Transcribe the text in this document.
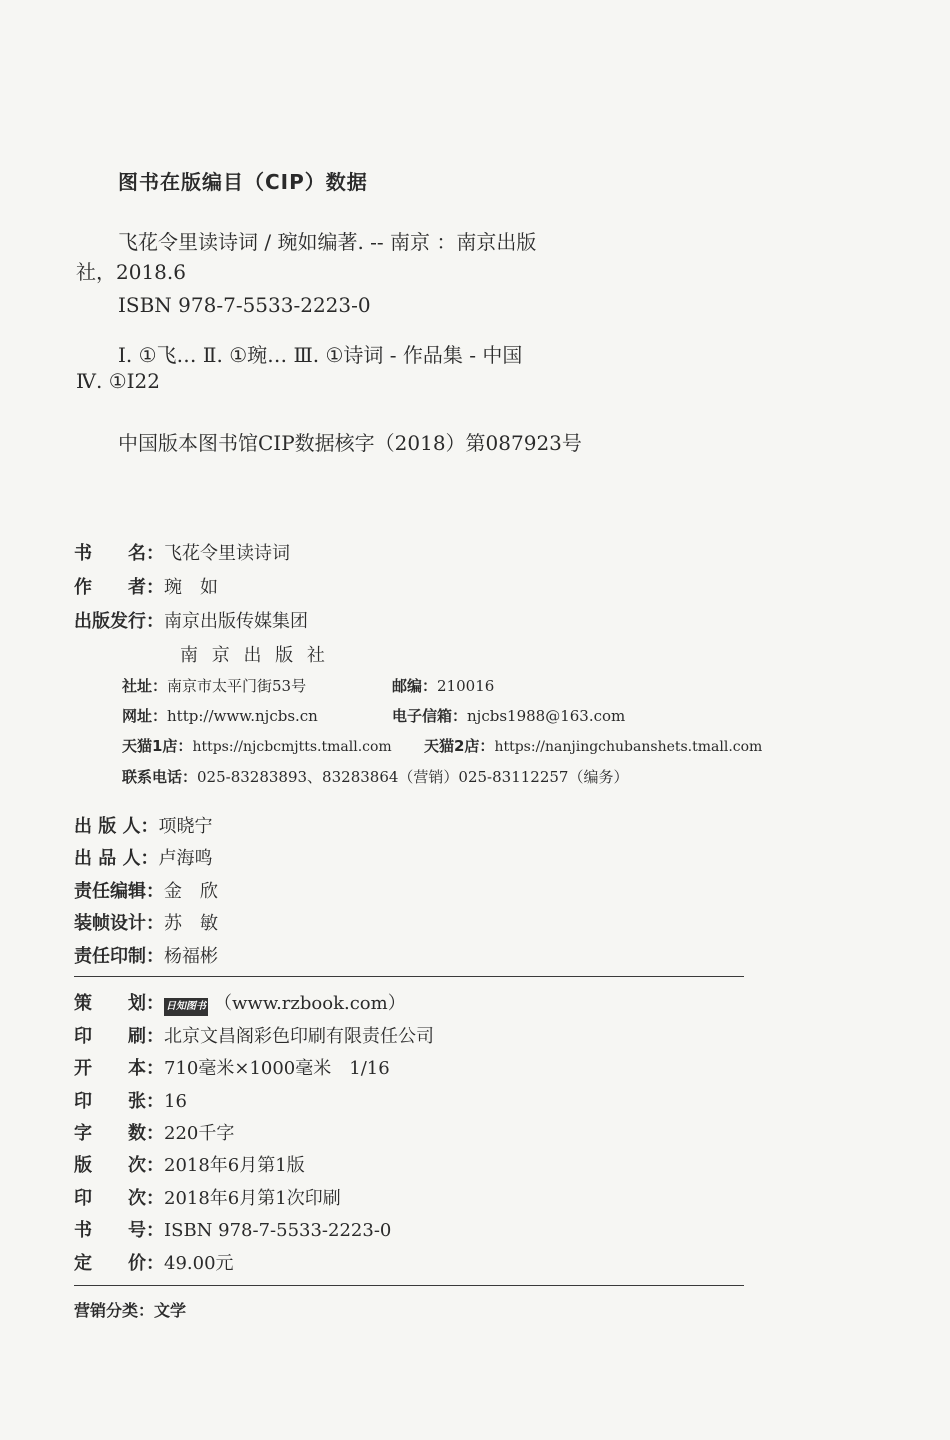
图书在版编目（CIP）数据
飞花令里读诗词 / 琬如编著. -- 南京 ：南京出版
社，2018.6
ISBN 978-7-5533-2223-0
Ⅰ. ①飞… Ⅱ. ①琬… Ⅲ. ①诗词 - 作品集 - 中国
Ⅳ. ①I22
中国版本图书馆CIP数据核字（2018）第087923号
书　　名： 飞花令里读诗词
作　　者： 琬　如
出版发行： 南京出版传媒集团
南 京 出 版 社
社址： 南京市太平门街53号	邮编： 210016
网址： http://www.njcbs.cn	电子信箱： njcbs1988@163.com
天猫1店： https://njcbcmjtts.tmall.com 天猫2店： https://nanjingchubanshets.tmall.com
联系电话： 025-83283893、83283864（营销）025-83112257（编务）
出 版 人： 项晓宁
出 品 人： 卢海鸣
责任编辑： 金　欣
装帧设计： 苏　敏
责任印制： 杨福彬
策　　划： 日知图书 （www.rzbook.com）
印　　刷： 北京文昌阁彩色印刷有限责任公司
开　　本： 710毫米×1000毫米　1/16
印　　张： 16
字　　数： 220千字
版　　次： 2018年6月第1版
印　　次： 2018年6月第1次印刷
书　　号： ISBN 978-7-5533-2223-0
定　　价： 49.00元
营销分类： 文学
